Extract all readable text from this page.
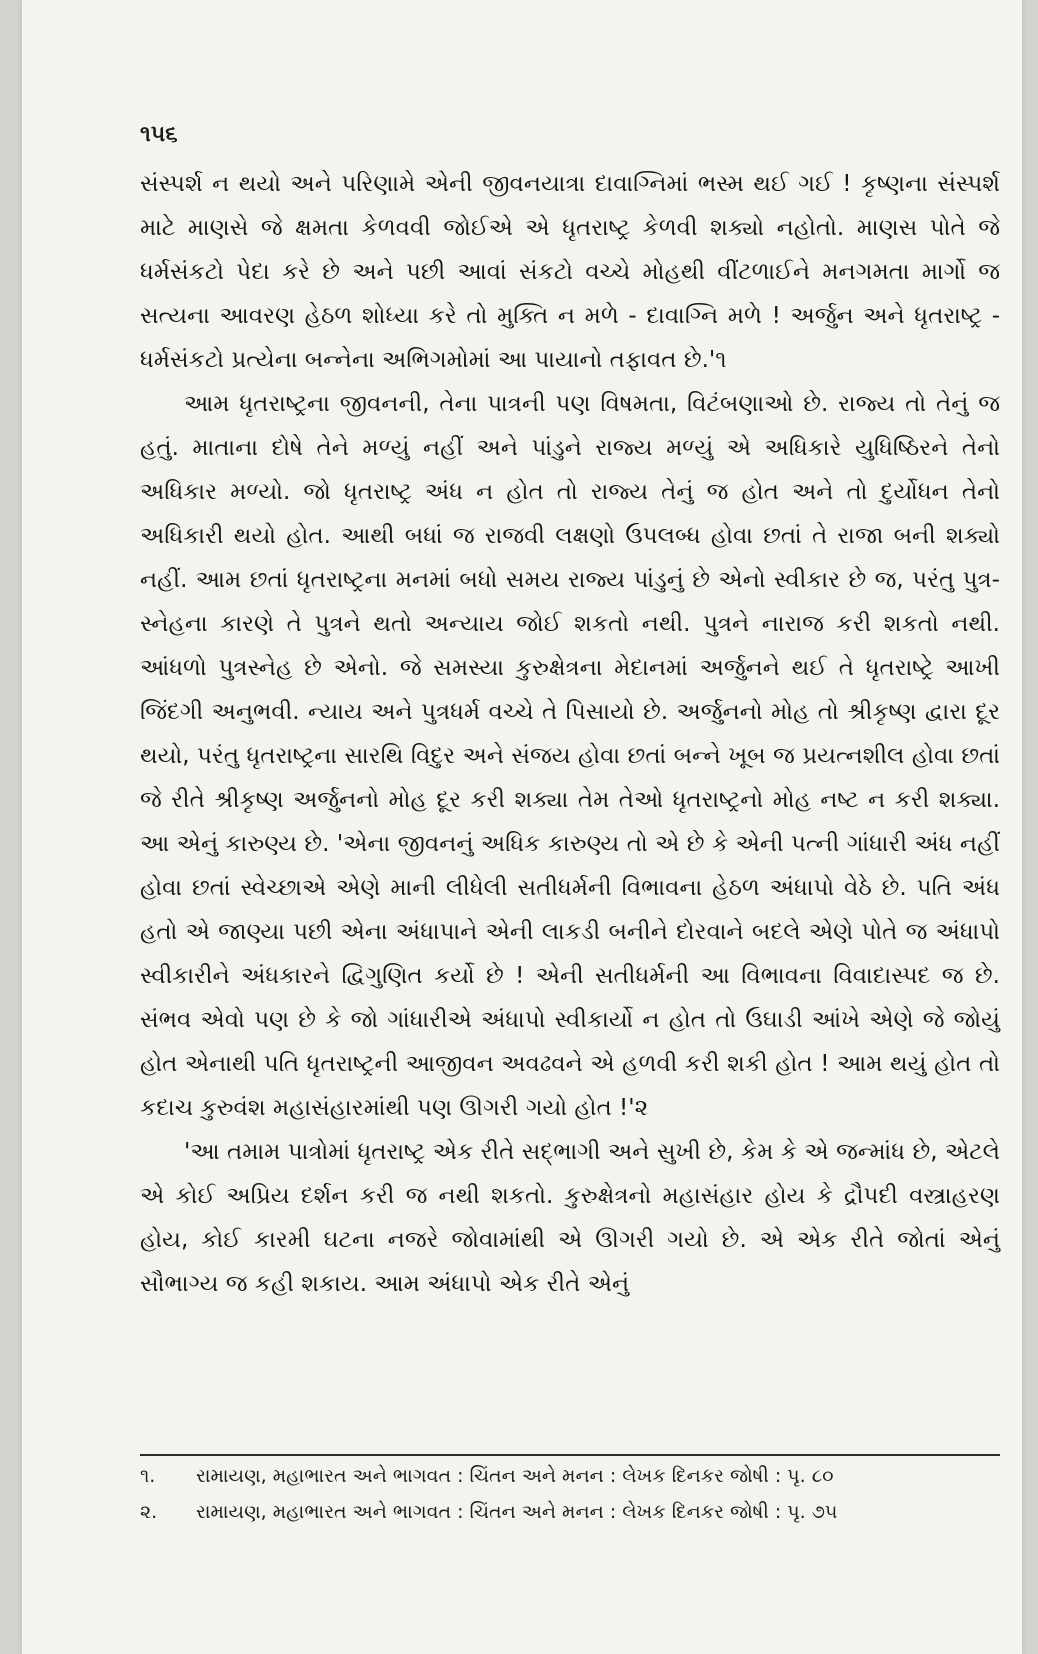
૧૫૬

સંસ્પર્શ ન થયો અને પરિણામે એની જીવનયાત્રા દાવાગ્નિમાં ભસ્મ થઈ ગઈ ! કૃષ્ણના સંસ્પર્શ માટે માણસે જે ક્ષમતા કેળવવી જોઈએ એ ધૃતરાષ્ટ્ર કેળવી શક્યો નહોતો. માણસ પોતે જે ધર્મસંકટો પેદા કરે છે અને પછી આવાં સંકટો વચ્ચે મોહથી વીંટળાઈને મનગમતા માર્ગો જ સત્યના આવરણ હેઠળ શોધ્યા કરે તો મુક્તિ ન મળે - દાવાગ્નિ મળે ! અર્જુન અને ધૃતરાષ્ટ્ર - ધર્મસંકટો પ્રત્યેના બન્નેના અભિગમોમાં આ પાયાનો તફાવત છે.'૧

આમ ધૃતરાષ્ટ્રના જીવનની, તેના પાત્રની પણ વિષમતા, વિટંબણાઓ છે. રાજ્ય તો તેનું જ હતું. માતાના દોષે તેને મળ્યું નહીં અને પાંડુને રાજ્ય મળ્યું એ અધિકારે યુધિષ્ઠિરને તેનો અધિકાર મળ્યો. જો ધૃતરાષ્ટ્ર અંધ ન હોત તો રાજ્ય તેનું જ હોત અને તો દુર્યોધન તેનો અધિકારી થયો હોત. આથી બધાં જ રાજવી લક્ષણો ઉપલબ્ધ હોવા છતાં તે રાજા બની શક્યો નહીં. આમ છતાં ધૃતરાષ્ટ્રના મનમાં બધો સમય રાજ્ય પાંડુનું છે એનો સ્વીકાર છે જ, પરંતુ પુત્ર-સ્નેહના કારણે તે પુત્રને થતો અન્યાય જોઈ શકતો નથી. પુત્રને નારાજ કરી શકતો નથી. આંધળો પુત્રસ્નેહ છે એનો. જે સમસ્યા કુરુક્ષેત્રના મેદાનમાં અર્જુનને થઈ તે ધૃતરાષ્ટ્રે આખી જિંદગી અનુભવી. ન્યાય અને પુત્રધર્મ વચ્ચે તે પિસાયો છે. અર્જુનનો મોહ તો શ્રીકૃષ્ણ દ્વારા દૂર થયો, પરંતુ ધૃતરાષ્ટ્રના સારથિ વિદુર અને સંજય હોવા છતાં બન્ને ખૂબ જ પ્રયત્નશીલ હોવા છતાં જે રીતે શ્રીકૃષ્ણ અર્જુનનો મોહ દૂર કરી શક્યા તેમ તેઓ ધૃતરાષ્ટ્રનો મોહ નષ્ટ ન કરી શક્યા. આ એનું કારુણ્ય છે. 'એના જીવનનું અધિક કારુણ્ય તો એ છે કે એની પત્ની ગાંધારી અંધ નહીં હોવા છતાં સ્વેચ્છાએ એણે માની લીધેલી સતીધર્મની વિભાવના હેઠળ અંધાપો વેઠે છે. પતિ અંધ હતો એ જાણ્યા પછી એના અંધાપાને એની લાકડી બનીને દોરવાને બદલે એણે પોતે જ અંધાપો સ્વીકારીને અંધકારને દ્વિગુણિત કર્યો છે ! એની સતીધર્મની આ વિભાવના વિવાદાસ્પદ જ છે. સંભવ એવો પણ છે કે જો ગાંધારીએ અંધાપો સ્વીકાર્યો ન હોત તો ઉઘાડી આંખે એણે જે જોયું હોત એનાથી પતિ ધૃતરાષ્ટ્રની આજીવન અવઢવને એ હળવી કરી શકી હોત ! આમ થયું હોત તો કદાચ કુરુવંશ મહાસંહારમાંથી પણ ઊગરી ગયો હોત !'૨

'આ તમામ પાત્રોમાં ધૃતરાષ્ટ્ર એક રીતે સદ્ભાગી અને સુખી છે, કેમ કે એ જન્માંધ છે, એટલે એ કોઈ અપ્રિય દર્શન કરી જ નથી શકતો. કુરુક્ષેત્રનો મહાસંહાર હોય કે દ્રૌપદી વસ્ત્રાહરણ હોય, કોઈ કારમી ઘટના નજરે જોવામાંથી એ ઊગરી ગયો છે. એ એક રીતે જોતાં એનું સૌભાગ્ય જ કહી શકાય. આમ અંધાપો એક રીતે એનું

૧.	રામાયણ, મહાભારત અને ભાગવત : ચિંતન અને મનન : લેખક દિનકર જોષી : પૃ. ૮૦
૨.	રામાયણ, મહાભારત અને ભાગવત : ચિંતન અને મનન : લેખક દિનકર જોષી : પૃ. ૭૫
